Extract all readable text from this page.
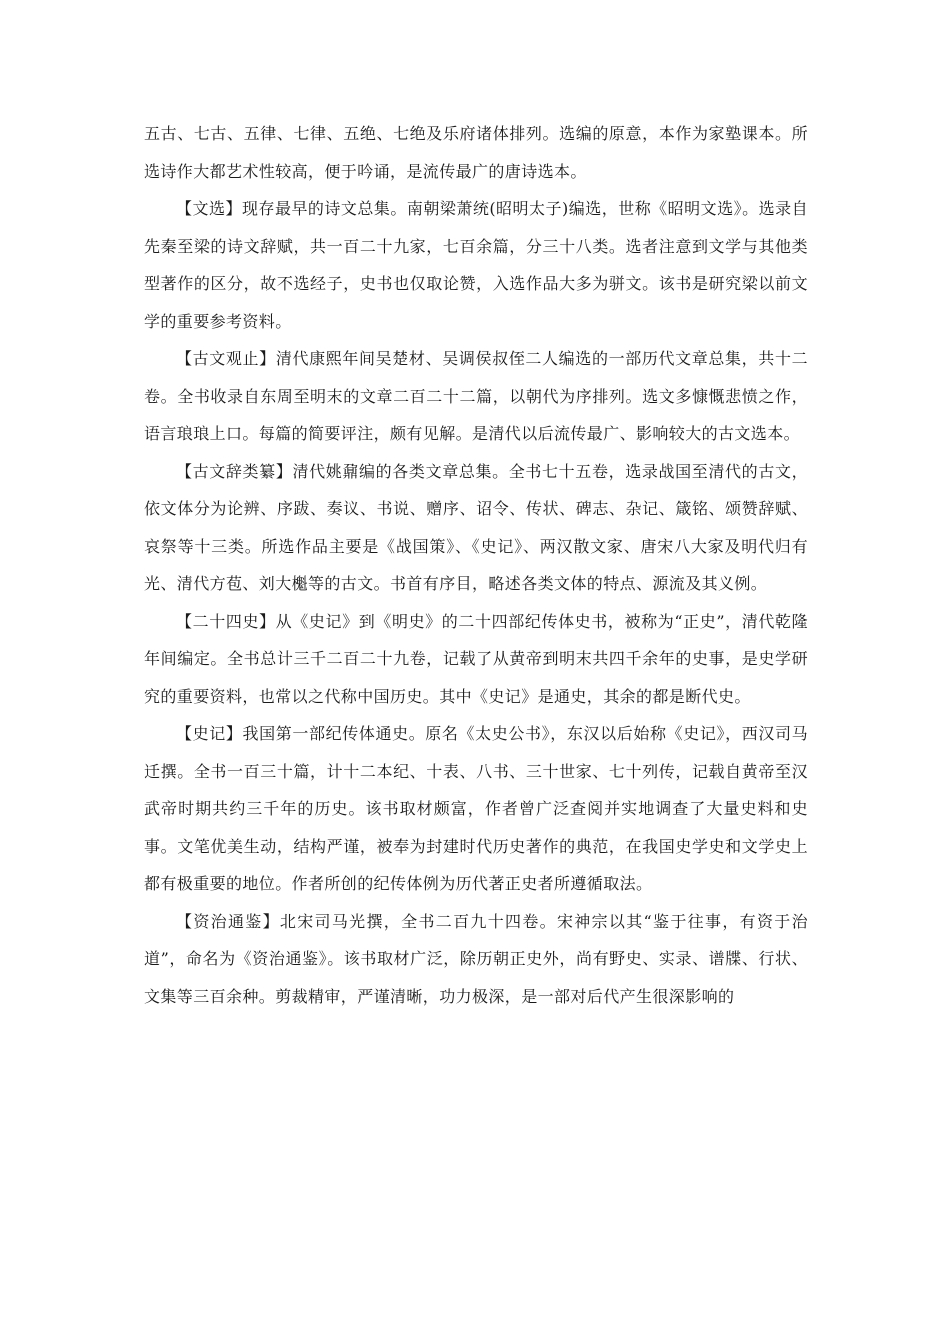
五古、七古、五律、七律、五绝、七绝及乐府诸体排列。选编的原意，本作为家塾课本。所选诗作大都艺术性较高，便于吟诵，是流传最广的唐诗选本。

【文选】现存最早的诗文总集。南朝梁萧统(昭明太子)编选，世称《昭明文选》。选录自先秦至梁的诗文辞赋，共一百二十九家，七百余篇，分三十八类。选者注意到文学与其他类型著作的区分，故不选经子，史书也仅取论赞，入选作品大多为骈文。该书是研究梁以前文学的重要参考资料。

【古文观止】清代康熙年间吴楚材、吴调侯叔侄二人编选的一部历代文章总集，共十二卷。全书收录自东周至明末的文章二百二十二篇，以朝代为序排列。选文多慷慨悲愤之作，语言琅琅上口。每篇的简要评注，颇有见解。是清代以后流传最广、影响较大的古文选本。

【古文辞类纂】清代姚鼐编的各类文章总集。全书七十五卷，选录战国至清代的古文，依文体分为论辨、序跋、奏议、书说、赠序、诏令、传状、碑志、杂记、箴铭、颂赞辞赋、哀祭等十三类。所选作品主要是《战国策》、《史记》、两汉散文家、唐宋八大家及明代归有光、清代方苞、刘大櫆等的古文。书首有序目，略述各类文体的特点、源流及其义例。

【二十四史】从《史记》到《明史》的二十四部纪传体史书，被称为“正史”，清代乾隆年间编定。全书总计三千二百二十九卷，记载了从黄帝到明末共四千余年的史事，是史学研究的重要资料，也常以之代称中国历史。其中《史记》是通史，其余的都是断代史。

【史记】我国第一部纪传体通史。原名《太史公书》，东汉以后始称《史记》，西汉司马迁撰。全书一百三十篇，计十二本纪、十表、八书、三十世家、七十列传，记载自黄帝至汉武帝时期共约三千年的历史。该书取材颇富，作者曾广泛查阅并实地调查了大量史料和史事。文笔优美生动，结构严谨，被奉为封建时代历史著作的典范，在我国史学史和文学史上都有极重要的地位。作者所创的纪传体例为历代著正史者所遵循取法。

【资治通鉴】北宋司马光撰，全书二百九十四卷。宋神宗以其“鉴于往事，有资于治道”，命名为《资治通鉴》。该书取材广泛，除历朝正史外，尚有野史、实录、谱牒、行状、文集等三百余种。剪裁精审，严谨清晰，功力极深，是一部对后代产生很深影响的
